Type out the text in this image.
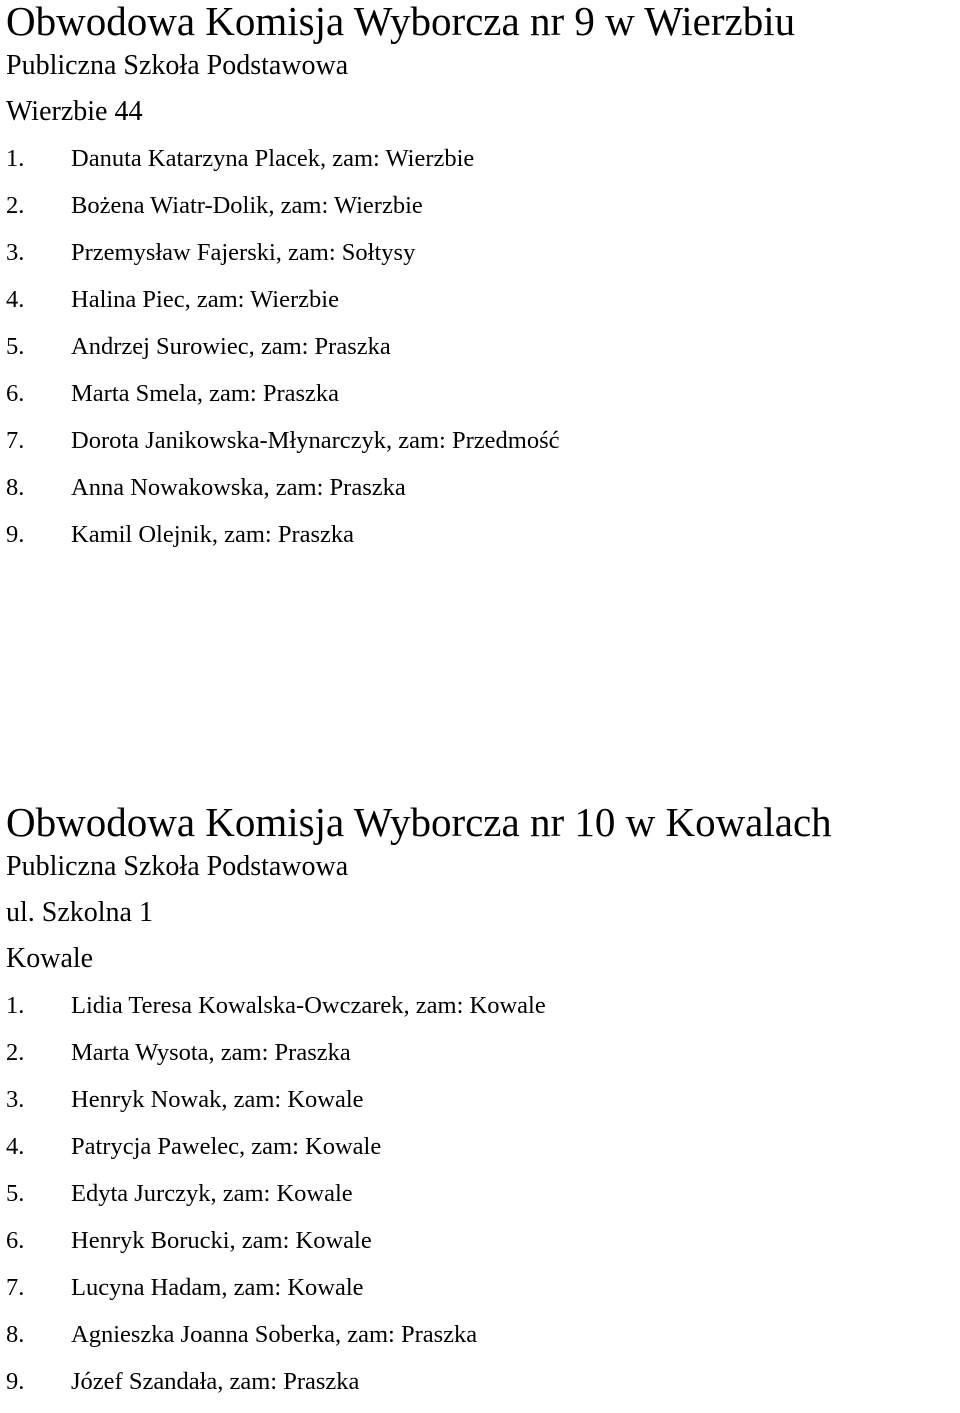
Obwodowa Komisja Wyborcza nr 9 w Wierzbiu
Publiczna Szkoła Podstawowa
Wierzbie 44
1. Danuta Katarzyna Placek, zam: Wierzbie
2. Bożena Wiatr-Dolik, zam: Wierzbie
3. Przemysław Fajerski, zam: Sołtysy
4. Halina Piec, zam: Wierzbie
5. Andrzej Surowiec, zam: Praszka
6. Marta Smela, zam: Praszka
7. Dorota Janikowska-Młynarczyk, zam: Przedmość
8. Anna Nowakowska, zam: Praszka
9. Kamil Olejnik, zam: Praszka
Obwodowa Komisja Wyborcza nr 10 w Kowalach
Publiczna Szkoła Podstawowa
ul. Szkolna 1
Kowale
1. Lidia Teresa Kowalska-Owczarek, zam: Kowale
2. Marta Wysota, zam: Praszka
3. Henryk Nowak, zam: Kowale
4. Patrycja Pawelec, zam: Kowale
5. Edyta Jurczyk, zam: Kowale
6. Henryk Borucki, zam: Kowale
7. Lucyna Hadam, zam: Kowale
8. Agnieszka Joanna Soberka, zam: Praszka
9. Józef Szandała, zam: Praszka
